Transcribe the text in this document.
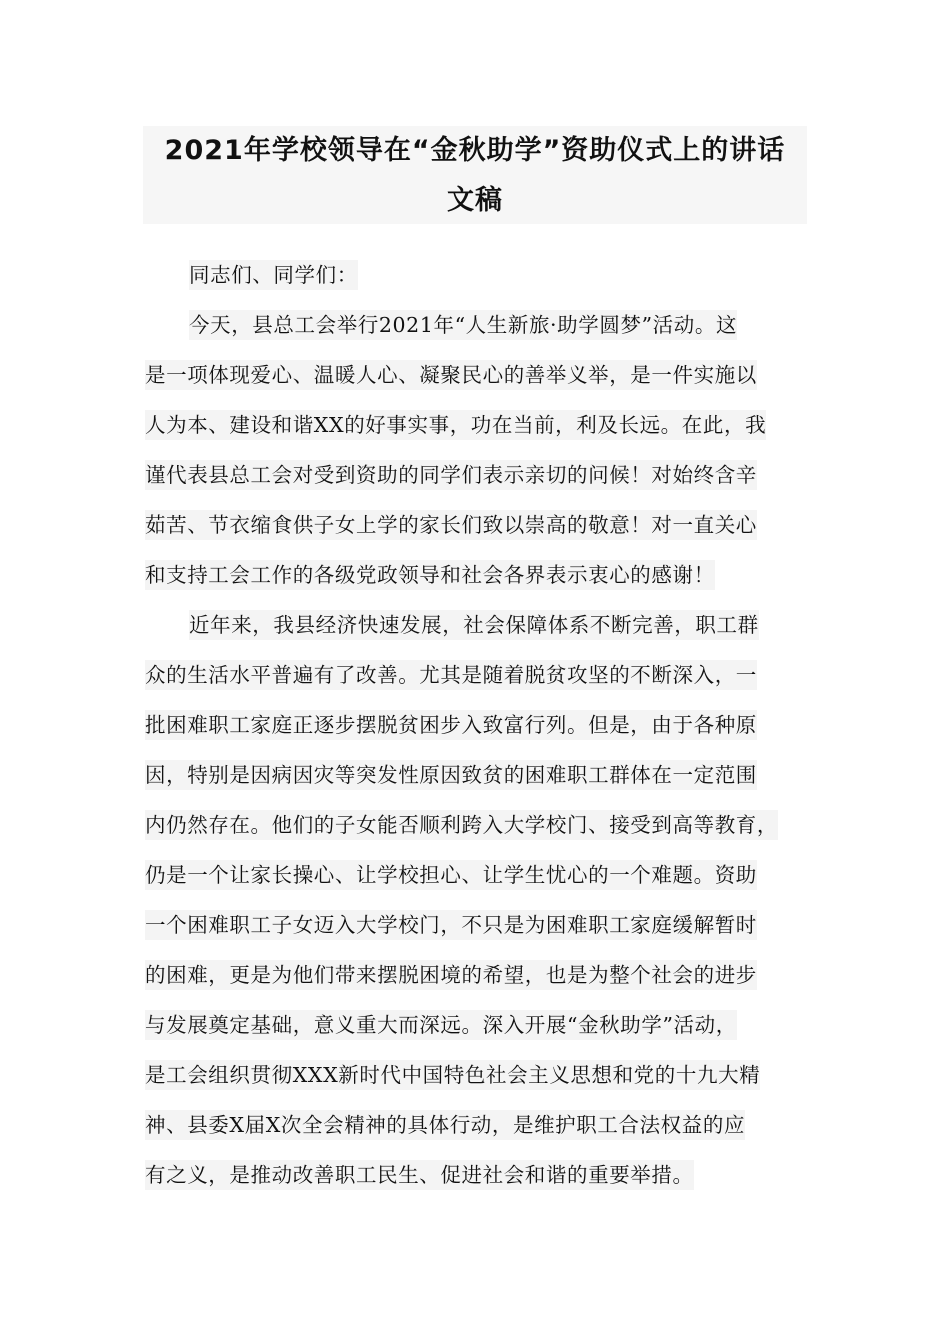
2021年学校领导在“金秋助学”资助仪式上的讲话
文稿
同志们、同学们：
今天，县总工会举行2021年“人生新旅·助学圆梦”活动。这
是一项体现爱心、温暖人心、凝聚民心的善举义举，是一件实施以
人为本、建设和谐XX的好事实事，功在当前，利及长远。在此，我
谨代表县总工会对受到资助的同学们表示亲切的问候！对始终含辛
茹苦、节衣缩食供子女上学的家长们致以崇高的敬意！对一直关心
和支持工会工作的各级党政领导和社会各界表示衷心的感谢！
近年来，我县经济快速发展，社会保障体系不断完善，职工群
众的生活水平普遍有了改善。尤其是随着脱贫攻坚的不断深入，一
批困难职工家庭正逐步摆脱贫困步入致富行列。但是，由于各种原
因，特别是因病因灾等突发性原因致贫的困难职工群体在一定范围
内仍然存在。他们的子女能否顺利跨入大学校门、接受到高等教育，
仍是一个让家长操心、让学校担心、让学生忧心的一个难题。资助
一个困难职工子女迈入大学校门，不只是为困难职工家庭缓解暂时
的困难，更是为他们带来摆脱困境的希望，也是为整个社会的进步
与发展奠定基础，意义重大而深远。深入开展“金秋助学”活动，
是工会组织贯彻XXX新时代中国特色社会主义思想和党的十九大精
神、县委X届X次全会精神的具体行动，是维护职工合法权益的应
有之义，是推动改善职工民生、促进社会和谐的重要举措。
